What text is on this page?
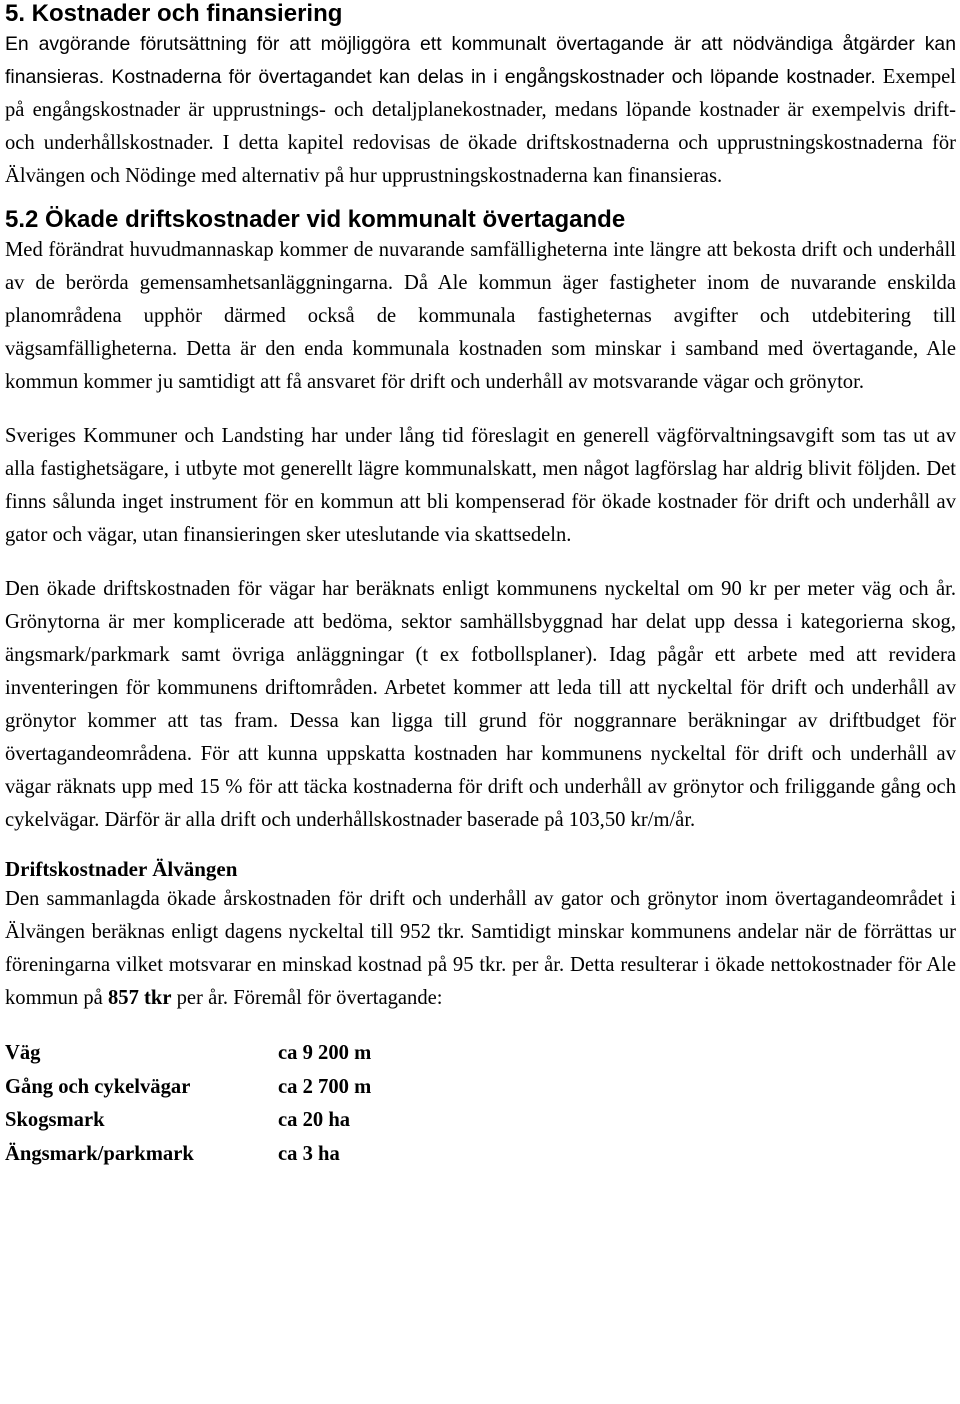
5. Kostnader och finansiering

En avgörande förutsättning för att möjliggöra ett kommunalt övertagande är att nödvändiga åtgärder kan finansieras. Kostnaderna för övertagandet kan delas in i engångskostnader och löpande kostnader. Exempel på engångskostnader är upprustnings- och detaljplanekostnader, medans löpande kostnader är exempelvis drift- och underhållskostnader. I detta kapitel redovisas de ökade driftskostnaderna och upprustningskostnaderna för Älvängen och Nödinge med alternativ på hur upprustningskostnaderna kan finansieras.

5.2 Ökade driftskostnader vid kommunalt övertagande

Med förändrat huvudmannaskap kommer de nuvarande samfälligheterna inte längre att bekosta drift och underhåll av de berörda gemensamhetsanläggningarna. Då Ale kommun äger fastigheter inom de nuvarande enskilda planområdena upphör därmed också de kommunala fastigheternas avgifter och utdebitering till vägsamfälligheterna. Detta är den enda kommunala kostnaden som minskar i samband med övertagande, Ale kommun kommer ju samtidigt att få ansvaret för drift och underhåll av motsvarande vägar och grönytor.

Sveriges Kommuner och Landsting har under lång tid föreslagit en generell vägförvaltningsavgift som tas ut av alla fastighetsägare, i utbyte mot generellt lägre kommunalskatt, men något lagförslag har aldrig blivit följden. Det finns sålunda inget instrument för en kommun att bli kompenserad för ökade kostnader för drift och underhåll av gator och vägar, utan finansieringen sker uteslutande via skattsedeln.

Den ökade driftskostnaden för vägar har beräknats enligt kommunens nyckeltal om 90 kr per meter väg och år. Grönytorna är mer komplicerade att bedöma, sektor samhällsbyggnad har delat upp dessa i kategorierna skog, ängsmark/parkmark samt övriga anläggningar (t ex fotbollsplaner). Idag pågår ett arbete med att revidera inventeringen för kommunens driftområden. Arbetet kommer att leda till att nyckeltal för drift och underhåll av grönytor kommer att tas fram. Dessa kan ligga till grund för noggrannare beräkningar av driftbudget för övertagandeområdena. För att kunna uppskatta kostnaden har kommunens nyckeltal för drift och underhåll av vägar räknats upp med 15 % för att täcka kostnaderna för drift och underhåll av grönytor och friliggande gång och cykelvägar. Därför är alla drift och underhållskostnader baserade på 103,50 kr/m/år.

Driftskostnader Älvängen

Den sammanlagda ökade årskostnaden för drift och underhåll av gator och grönytor inom övertagandeområdet i Älvängen beräknas enligt dagens nyckeltal till 952 tkr. Samtidigt minskar kommunens andelar när de förrättas ur föreningarna vilket motsvarar en minskad kostnad på 95 tkr. per år. Detta resulterar i ökade nettokostnader för Ale kommun på 857 tkr per år. Föremål för övertagande:

Väg	ca 9 200 m
Gång och cykelvägar	ca 2 700 m
Skogsmark	ca 20 ha
Ängsmark/parkmark	ca 3 ha
